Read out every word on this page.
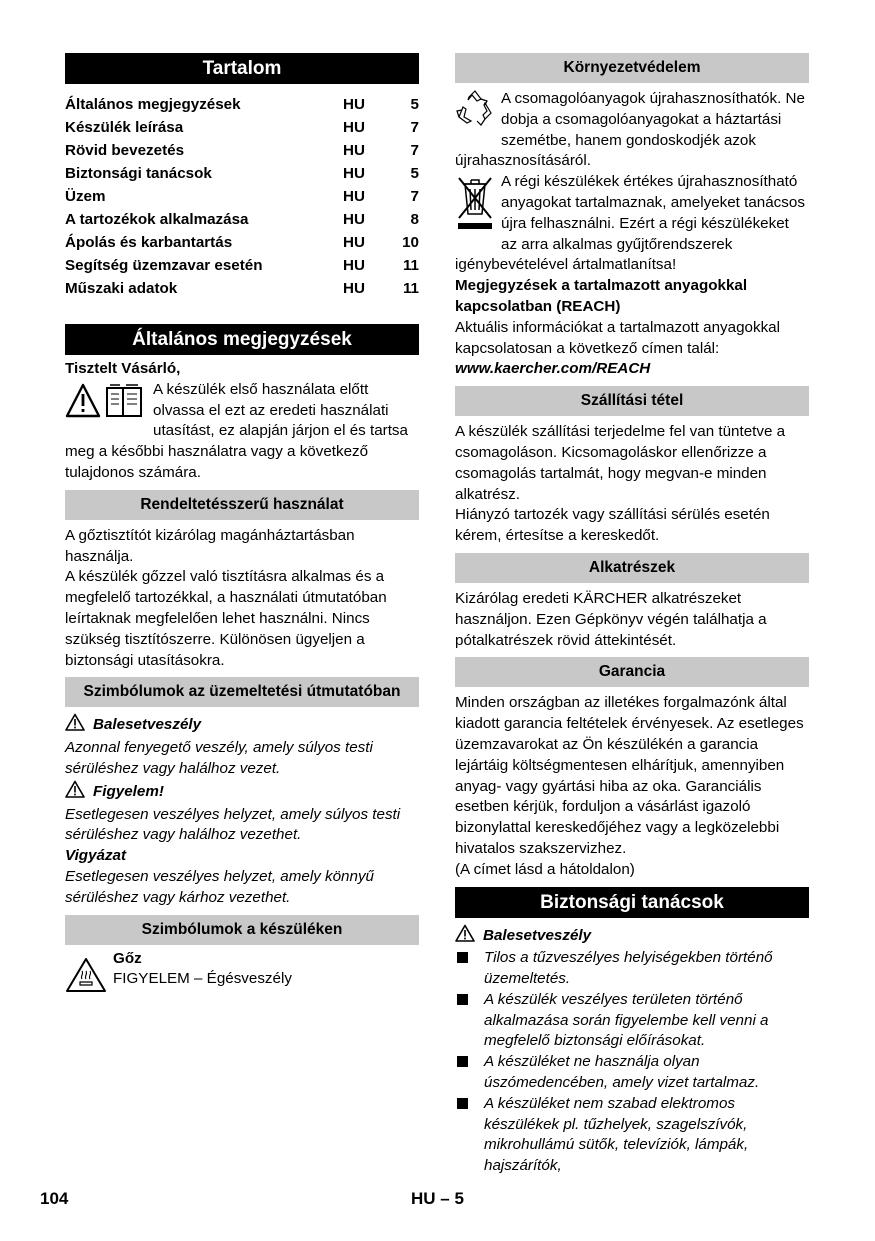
Tartalom
Általános megjegyzések	HU	5
Készülék leírása	HU	7
Rövid bevezetés	HU	7
Biztonsági tanácsok	HU	5
Üzem	HU	7
A tartozékok alkalmazása	HU	8
Ápolás és karbantartás	HU	10
Segítség üzemzavar esetén	HU	11
Műszaki adatok	HU	11
Általános megjegyzések

Tisztelt Vásárló,

A készülék első használata előtt olvassa el ezt az eredeti használati utasítást, ez alapján járjon el és tartsa meg a későbbi használatra vagy a következő tulajdonos számára.

Rendeltetésszerű használat

A gőztisztítót kizárólag magánháztartásban használja.

A készülék gőzzel való tisztításra alkalmas és a megfelelő tartozékkal, a használati útmutatóban leírtaknak megfelelően lehet használni. Nincs szükség tisztítószerre. Különösen ügyeljen a biztonsági utasításokra.

Szimbólumok az üzemeltetési útmutatóban
Balesetveszély

Azonnal fenyegető veszély, amely súlyos testi sérüléshez vagy halálhoz vezet.

Figyelem!

Esetlegesen veszélyes helyzet, amely súlyos testi sérüléshez vagy halálhoz vezethet.

Vigyázat

Esetlegesen veszélyes helyzet, amely könnyű sérüléshez vagy kárhoz vezethet.

Szimbólumok a készüléken

Gőz

FIGYELEM – Égésveszély

Környezetvédelem

A csomagolóanyagok újrahasznosíthatók. Ne dobja a csomagolóanyagokat a háztartási szemétbe, hanem gondoskodjék azok újrahasznosításáról.

A régi készülékek értékes újrahasznosítható anyagokat tartalmaznak, amelyeket tanácsos újra felhasználni. Ezért a régi készülékeket az arra alkalmas gyűjtőrendszerek igénybevételével ártalmatlanítsa!

Megjegyzések a tartalmazott anyagokkal kapcsolatban (REACH)

Aktuális információkat a tartalmazott anyagokkal kapcsolatosan a következő címen talál:

www.kaercher.com/REACH

Szállítási tétel

A készülék szállítási terjedelme fel van tüntetve a csomagoláson. Kicsomagoláskor ellenőrizze a csomagolás tartalmát, hogy megvan-e minden alkatrész.

Hiányzó tartozék vagy szállítási sérülés esetén kérem, értesítse a kereskedőt.

Alkatrészek

Kizárólag eredeti KÄRCHER alkatrészeket használjon. Ezen Gépkönyv végén találhatja a pótalkatrészek rövid áttekintését.

Garancia

Minden országban az illetékes forgalmazónk által kiadott garancia feltételek érvényesek. Az esetleges üzemzavarokat az Ön készülékén a garancia lejártáig költségmentesen elhárítjuk, amennyiben anyag- vagy gyártási hiba az oka. Garanciális esetben kérjük, forduljon a vásárlást igazoló bizonylattal kereskedőjéhez vagy a legközelebbi hivatalos szakszervizhez.

(A címet lásd a hátoldalon)

Biztonsági tanácsok
Balesetveszély
Tilos a tűzveszélyes helyiségekben történő üzemeltetés.
A készülék veszélyes területen történő alkalmazása során figyelembe kell venni a megfelelő biztonsági előírásokat.
A készüléket ne használja olyan úszómedencében, amely vizet tartalmaz.
A készüléket nem szabad elektromos készülékek pl. tűzhelyek, szagelszívók, mikrohullámú sütők, televíziók, lámpák, hajszárítók,
104	HU – 5
